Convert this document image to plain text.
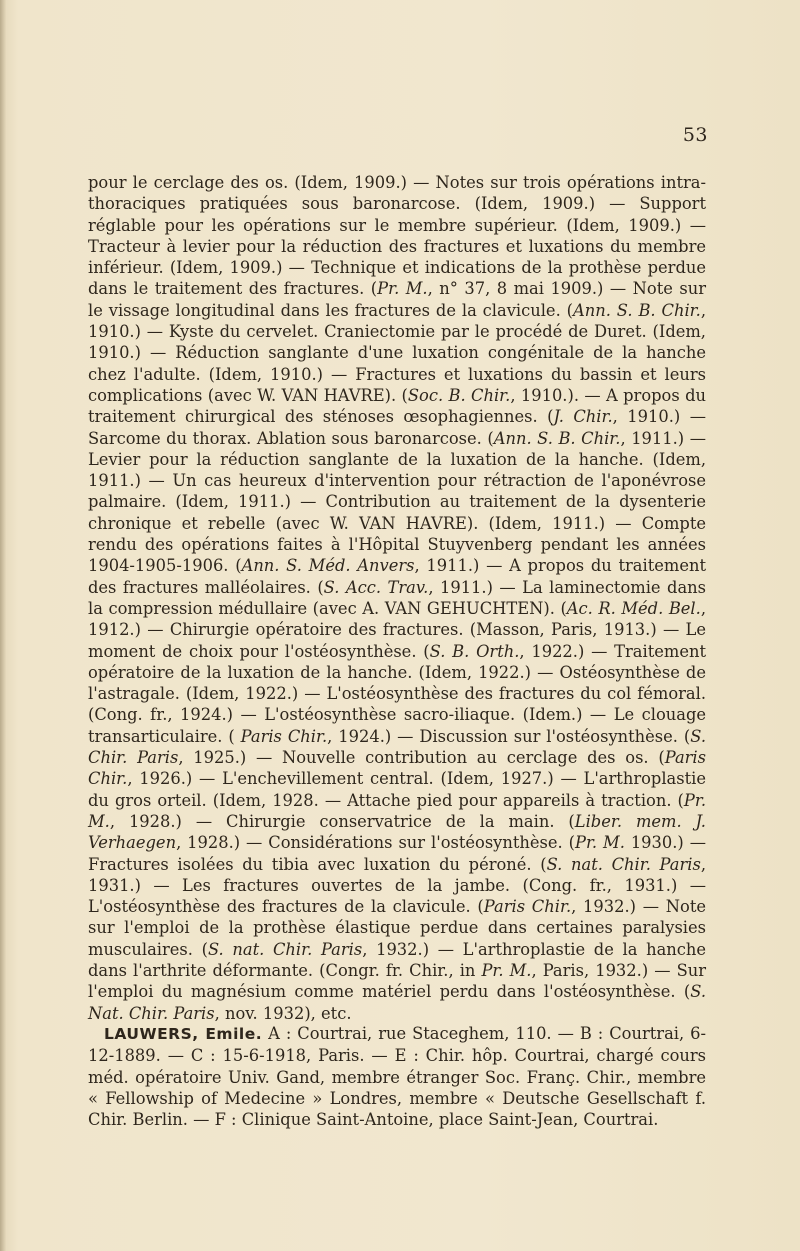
53

pour le cerclage des os. (Idem, 1909.) — Notes sur trois opérations intra-thoraciques pratiquées sous baronarcose. (Idem, 1909.) — Support réglable pour les opérations sur le membre supérieur. (Idem, 1909.) — Tracteur à levier pour la réduction des fractures et luxations du membre inférieur. (Idem, 1909.) — Technique et indications de la prothèse perdue dans le traitement des fractures. (Pr. M., n° 37, 8 mai 1909.) — Note sur le vissage longitudinal dans les fractures de la clavicule. (Ann. S. B. Chir., 1910.) — Kyste du cervelet. Craniectomie par le procédé de Duret. (Idem, 1910.) — Réduction sanglante d'une luxation congénitale de la hanche chez l'adulte. (Idem, 1910.) — Fractures et luxations du bassin et leurs complications (avec W. VAN HAVRE). (Soc. B. Chir., 1910.). — A propos du traitement chirurgical des sténoses œsophagiennes. (J. Chir., 1910.) — Sarcome du thorax. Ablation sous baronarcose. (Ann. S. B. Chir., 1911.) — Levier pour la réduction sanglante de la luxation de la hanche. (Idem, 1911.) — Un cas heureux d'intervention pour rétraction de l'aponévrose palmaire. (Idem, 1911.) — Contribution au traitement de la dysenterie chronique et rebelle (avec W. VAN HAVRE). (Idem, 1911.) — Compte rendu des opérations faites à l'Hôpital Stuyvenberg pendant les années 1904-1905-1906. (Ann. S. Méd. Anvers, 1911.) — A propos du traitement des fractures malléolaires. (S. Acc. Trav., 1911.) — La laminectomie dans la compression médullaire (avec A. VAN GEHUCHTEN). (Ac. R. Méd. Bel., 1912.) — Chirurgie opératoire des fractures. (Masson, Paris, 1913.) — Le moment de choix pour l'ostéosynthèse. (S. B. Orth., 1922.) — Traitement opératoire de la luxation de la hanche. (Idem, 1922.) — Ostéosynthèse de l'astragale. (Idem, 1922.) — L'ostéosynthèse des fractures du col fémoral. (Cong. fr., 1924.) — L'ostéosynthèse sacro-iliaque. (Idem.) — Le clouage transarticulaire. ( Paris Chir., 1924.) — Discussion sur l'ostéosynthèse. (S. Chir. Paris, 1925.) — Nouvelle contribution au cerclage des os. (Paris Chir., 1926.) — L'enchevillement central. (Idem, 1927.) — L'arthroplastie du gros orteil. (Idem, 1928. — Attache pied pour appareils à traction. (Pr. M., 1928.) — Chirurgie conservatrice de la main. (Liber. mem. J. Verhaegen, 1928.) — Considérations sur l'ostéosynthèse. (Pr. M. 1930.) — Fractures isolées du tibia avec luxation du péroné. (S. nat. Chir. Paris, 1931.) — Les fractures ouvertes de la jambe. (Cong. fr., 1931.) — L'ostéosynthèse des fractures de la clavicule. (Paris Chir., 1932.) — Note sur l'emploi de la prothèse élastique perdue dans certaines paralysies musculaires. (S. nat. Chir. Paris, 1932.) — L'arthroplastie de la hanche dans l'arthrite déformante. (Congr. fr. Chir., in Pr. M., Paris, 1932.) — Sur l'emploi du magnésium comme matériel perdu dans l'ostéosynthèse. (S. Nat. Chir. Paris, nov. 1932), etc.

LAUWERS, Emile. A : Courtrai, rue Staceghem, 110. — B : Courtrai, 6-12-1889. — C : 15-6-1918, Paris. — E : Chir. hôp. Courtrai, chargé cours méd. opératoire Univ. Gand, membre étranger Soc. Franç. Chir., membre « Fellowship of Medecine » Londres, membre « Deutsche Gesellschaft f. Chir. Berlin. — F : Clinique Saint-Antoine, place Saint-Jean, Courtrai.
